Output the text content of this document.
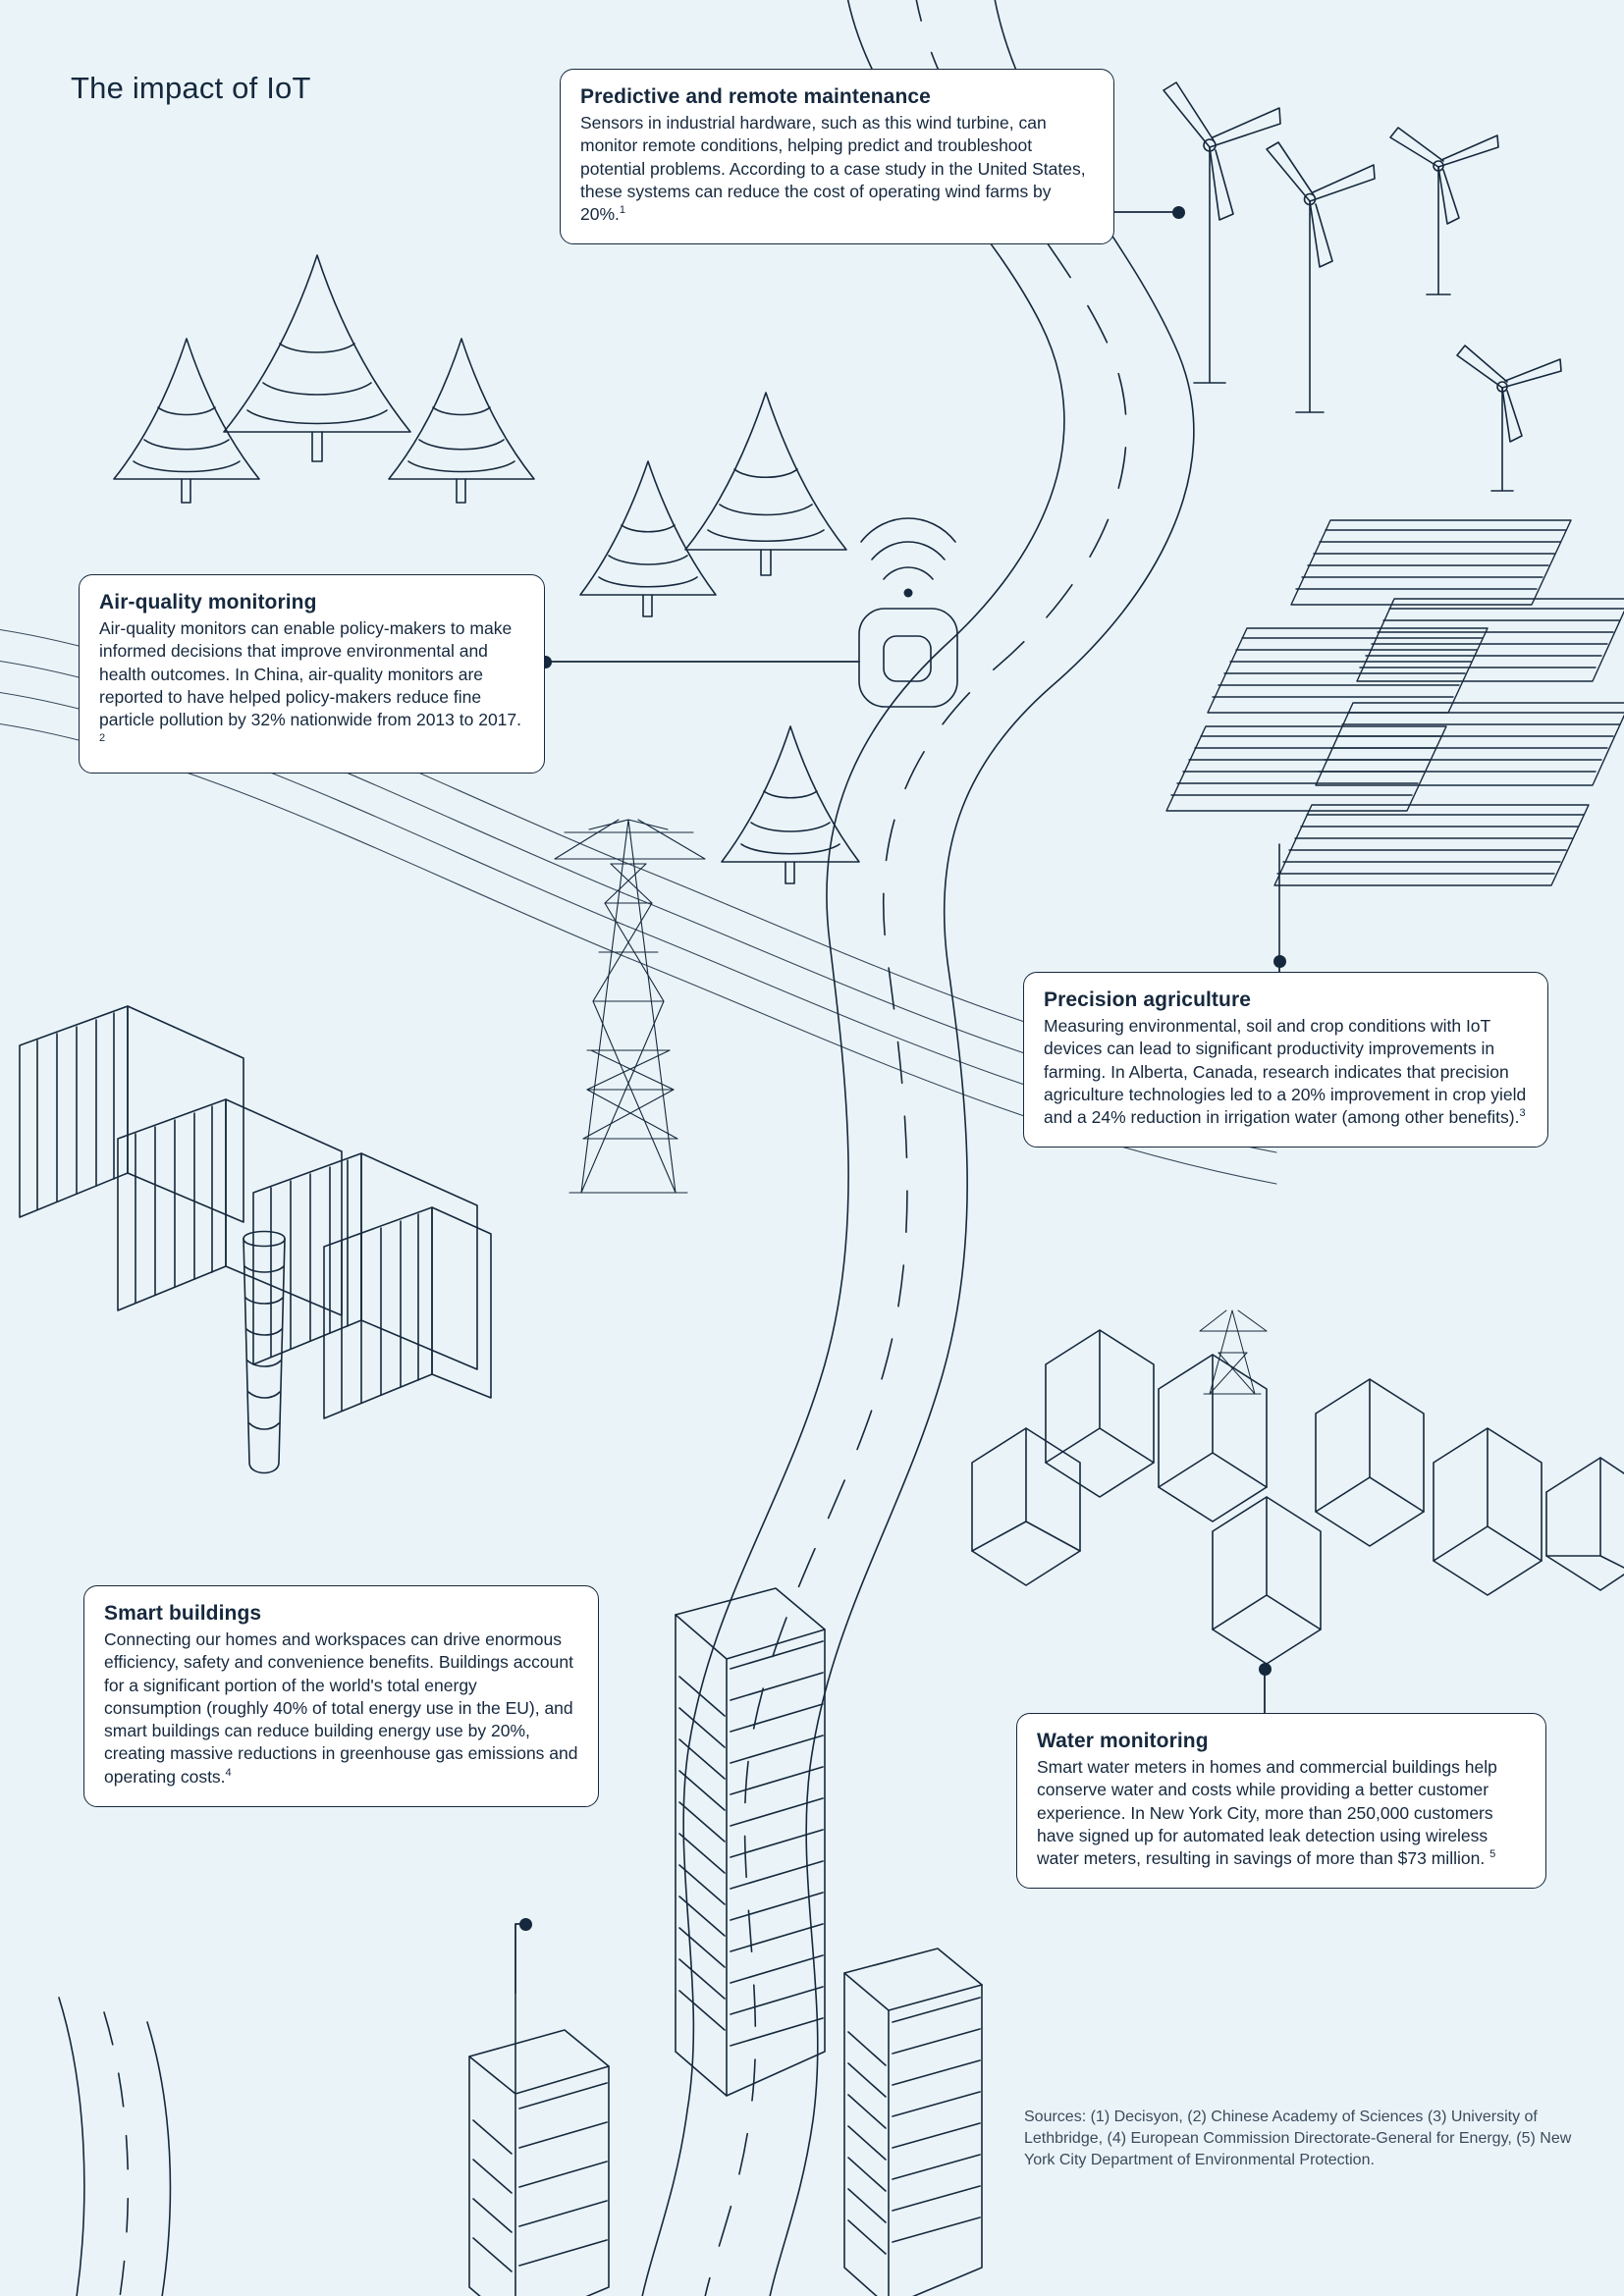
The impact of IoT	Predictive and remote maintenance

Sensors in industrial hardware, such as this wind turbine, can monitor remote conditions, helping predict and troubleshoot potential problems. According to a case study in the United States, these systems can reduce the cost of operating wind farms by 20%.$^1$

Air-quality monitoring

Air-quality monitors can enable policy-makers to make informed decisions that improve environmental and health outcomes. In China, air-quality monitors are reported to have helped policy-makers reduce fine particle pollution by 32% nationwide from 2013 to 2017. $^2$

Precision agriculture

Measuring environmental, soil and crop conditions with IoT devices can lead to significant productivity improvements in farming. In Alberta, Canada, research indicates that precision agriculture technologies led to a 20% improvement in crop yield and a 24% reduction in irrigation water (among other benefits).$^3$

Smart buildings

Connecting our homes and workspaces can drive enormous efficiency, safety and convenience benefits. Buildings account for a significant portion of the world's total energy consumption (roughly 40% of total energy use in the EU), and smart buildings can reduce building energy use by 20%, creating massive reductions in greenhouse gas emissions and operating costs.$^4$

Water monitoring

Smart water meters in homes and commercial buildings help conserve water and costs while providing a better customer experience. In New York City, more than 250,000 customers have signed up for automated leak detection using wireless water meters, resulting in savings of more than $73 million. $^5$

Sources: (1) Decisyon, (2) Chinese Academy of Sciences (3) University of Lethbridge, (4) European Commission Directorate-General for Energy, (5) New York City Department of Environmental Protection.
